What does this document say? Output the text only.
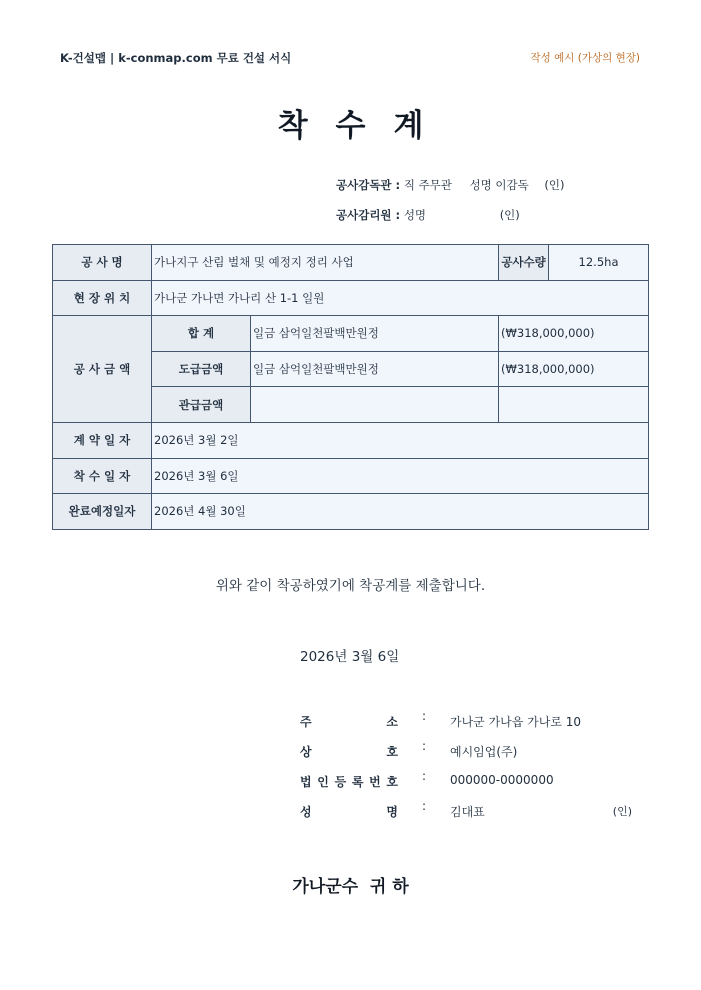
K-건설맵 | k-conmap.com 무료 건설 서식	작성 예시 (가상의 현장)
착수계
공사감독관 : 직 주무관 성명 이감독 (인)
공사감리원 : 성명	(인)
공 사 명	가나지구 산림 벌채 및 예정지 정리 사업		공사수량	12.5ha
현 장 위 치	가나군 가나면 가나리 산 1-1 일원			
공 사 금 액	합 계	일금 삼억일천팔백만원정	(₩318,000,000)	
	도급금액	일금 삼억일천팔백만원정	(₩318,000,000)	
	관급금액			
계 약 일 자	2026년 3월 2일			
착 수 일 자	2026년 3월 6일			
완료예정일자	2026년 4월 30일			
위와 같이 착공하였기에 착공계를 제출합니다.
2026년 3월 6일
주	소 : 가나군 가나읍 가나로 10
상	호 : 예시임업(주)
법 인 등 록 번 호 : 000000-0000000
성	명 : 김대표	(인)
가나군수 귀 하
